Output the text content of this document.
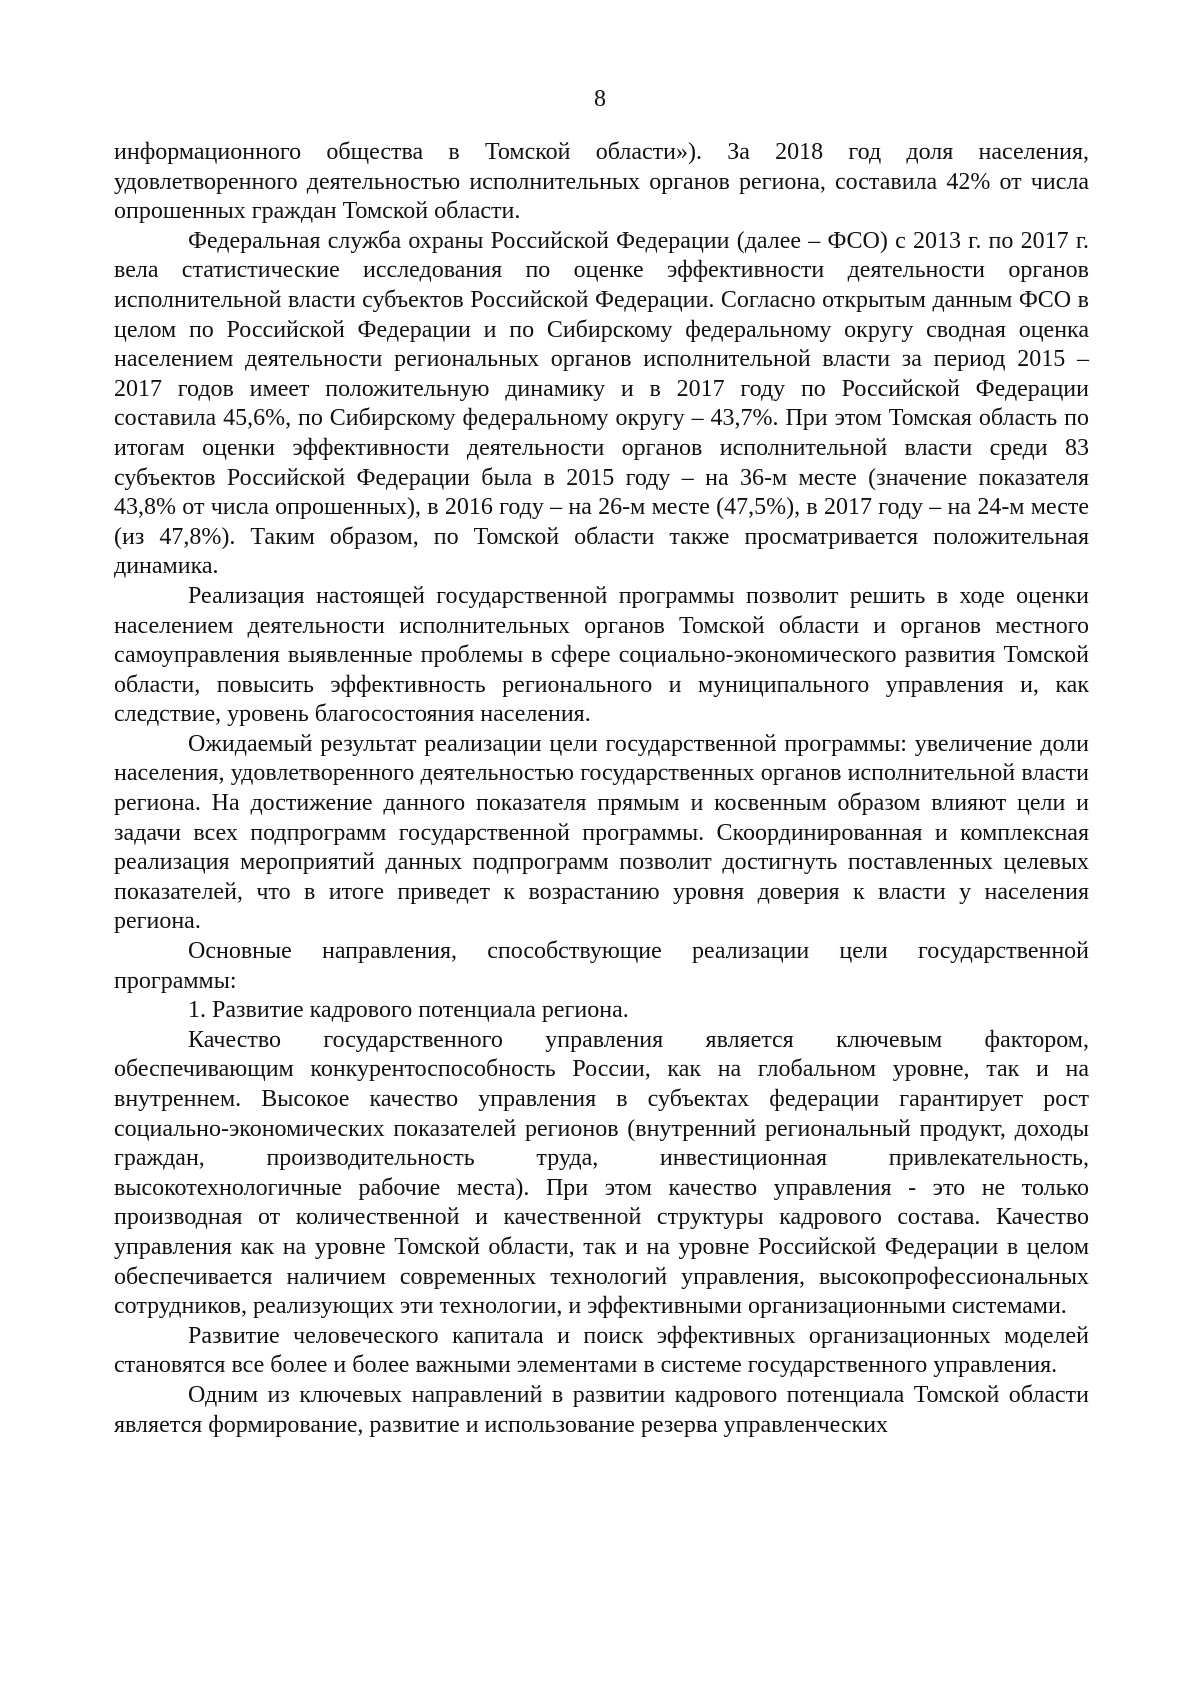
8

информационного общества в Томской области»). За 2018 год доля населения, удовлетворенного деятельностью исполнительных органов региона, составила 42% от числа опрошенных граждан Томской области.

Федеральная служба охраны Российской Федерации (далее – ФСО) с 2013 г. по 2017 г. вела статистические исследования по оценке эффективности деятельности органов исполнительной власти субъектов Российской Федерации. Согласно открытым данным ФСО в целом по Российской Федерации и по Сибирскому федеральному округу сводная оценка населением деятельности региональных органов исполнительной власти за период 2015 – 2017 годов имеет положительную динамику и в 2017 году по Российской Федерации составила 45,6%, по Сибирскому федеральному округу – 43,7%. При этом Томская область по итогам оценки эффективности деятельности органов исполнительной власти среди 83 субъектов Российской Федерации была в 2015 году – на 36-м месте (значение показателя 43,8% от числа опрошенных), в 2016 году – на 26-м месте (47,5%), в 2017 году – на 24-м месте (из 47,8%). Таким образом, по Томской области также просматривается положительная динамика.

Реализация настоящей государственной программы позволит решить в ходе оценки населением деятельности исполнительных органов Томской области и органов местного самоуправления выявленные проблемы в сфере социально-экономического развития Томской области, повысить эффективность регионального и муниципального управления и, как следствие, уровень благосостояния населения.

Ожидаемый результат реализации цели государственной программы: увеличение доли населения, удовлетворенного деятельностью государственных органов исполнительной власти региона. На достижение данного показателя прямым и косвенным образом влияют цели и задачи всех подпрограмм государственной программы. Скоординированная и комплексная реализация мероприятий данных подпрограмм позволит достигнуть поставленных целевых показателей, что в итоге приведет к возрастанию уровня доверия к власти у населения региона.

Основные направления, способствующие реализации цели государственной программы:

1. Развитие кадрового потенциала региона.

Качество государственного управления является ключевым фактором, обеспечивающим конкурентоспособность России, как на глобальном уровне, так и на внутреннем. Высокое качество управления в субъектах федерации гарантирует рост социально-экономических показателей регионов (внутренний региональный продукт, доходы граждан, производительность труда, инвестиционная привлекательность, высокотехнологичные рабочие места). При этом качество управления - это не только производная от количественной и качественной структуры кадрового состава. Качество управления как на уровне Томской области, так и на уровне Российской Федерации в целом обеспечивается наличием современных технологий управления, высокопрофессиональных сотрудников, реализующих эти технологии, и эффективными организационными системами.

Развитие человеческого капитала и поиск эффективных организационных моделей становятся все более и более важными элементами в системе государственного управления.

Одним из ключевых направлений в развитии кадрового потенциала Томской области является формирование, развитие и использование резерва управленческих
